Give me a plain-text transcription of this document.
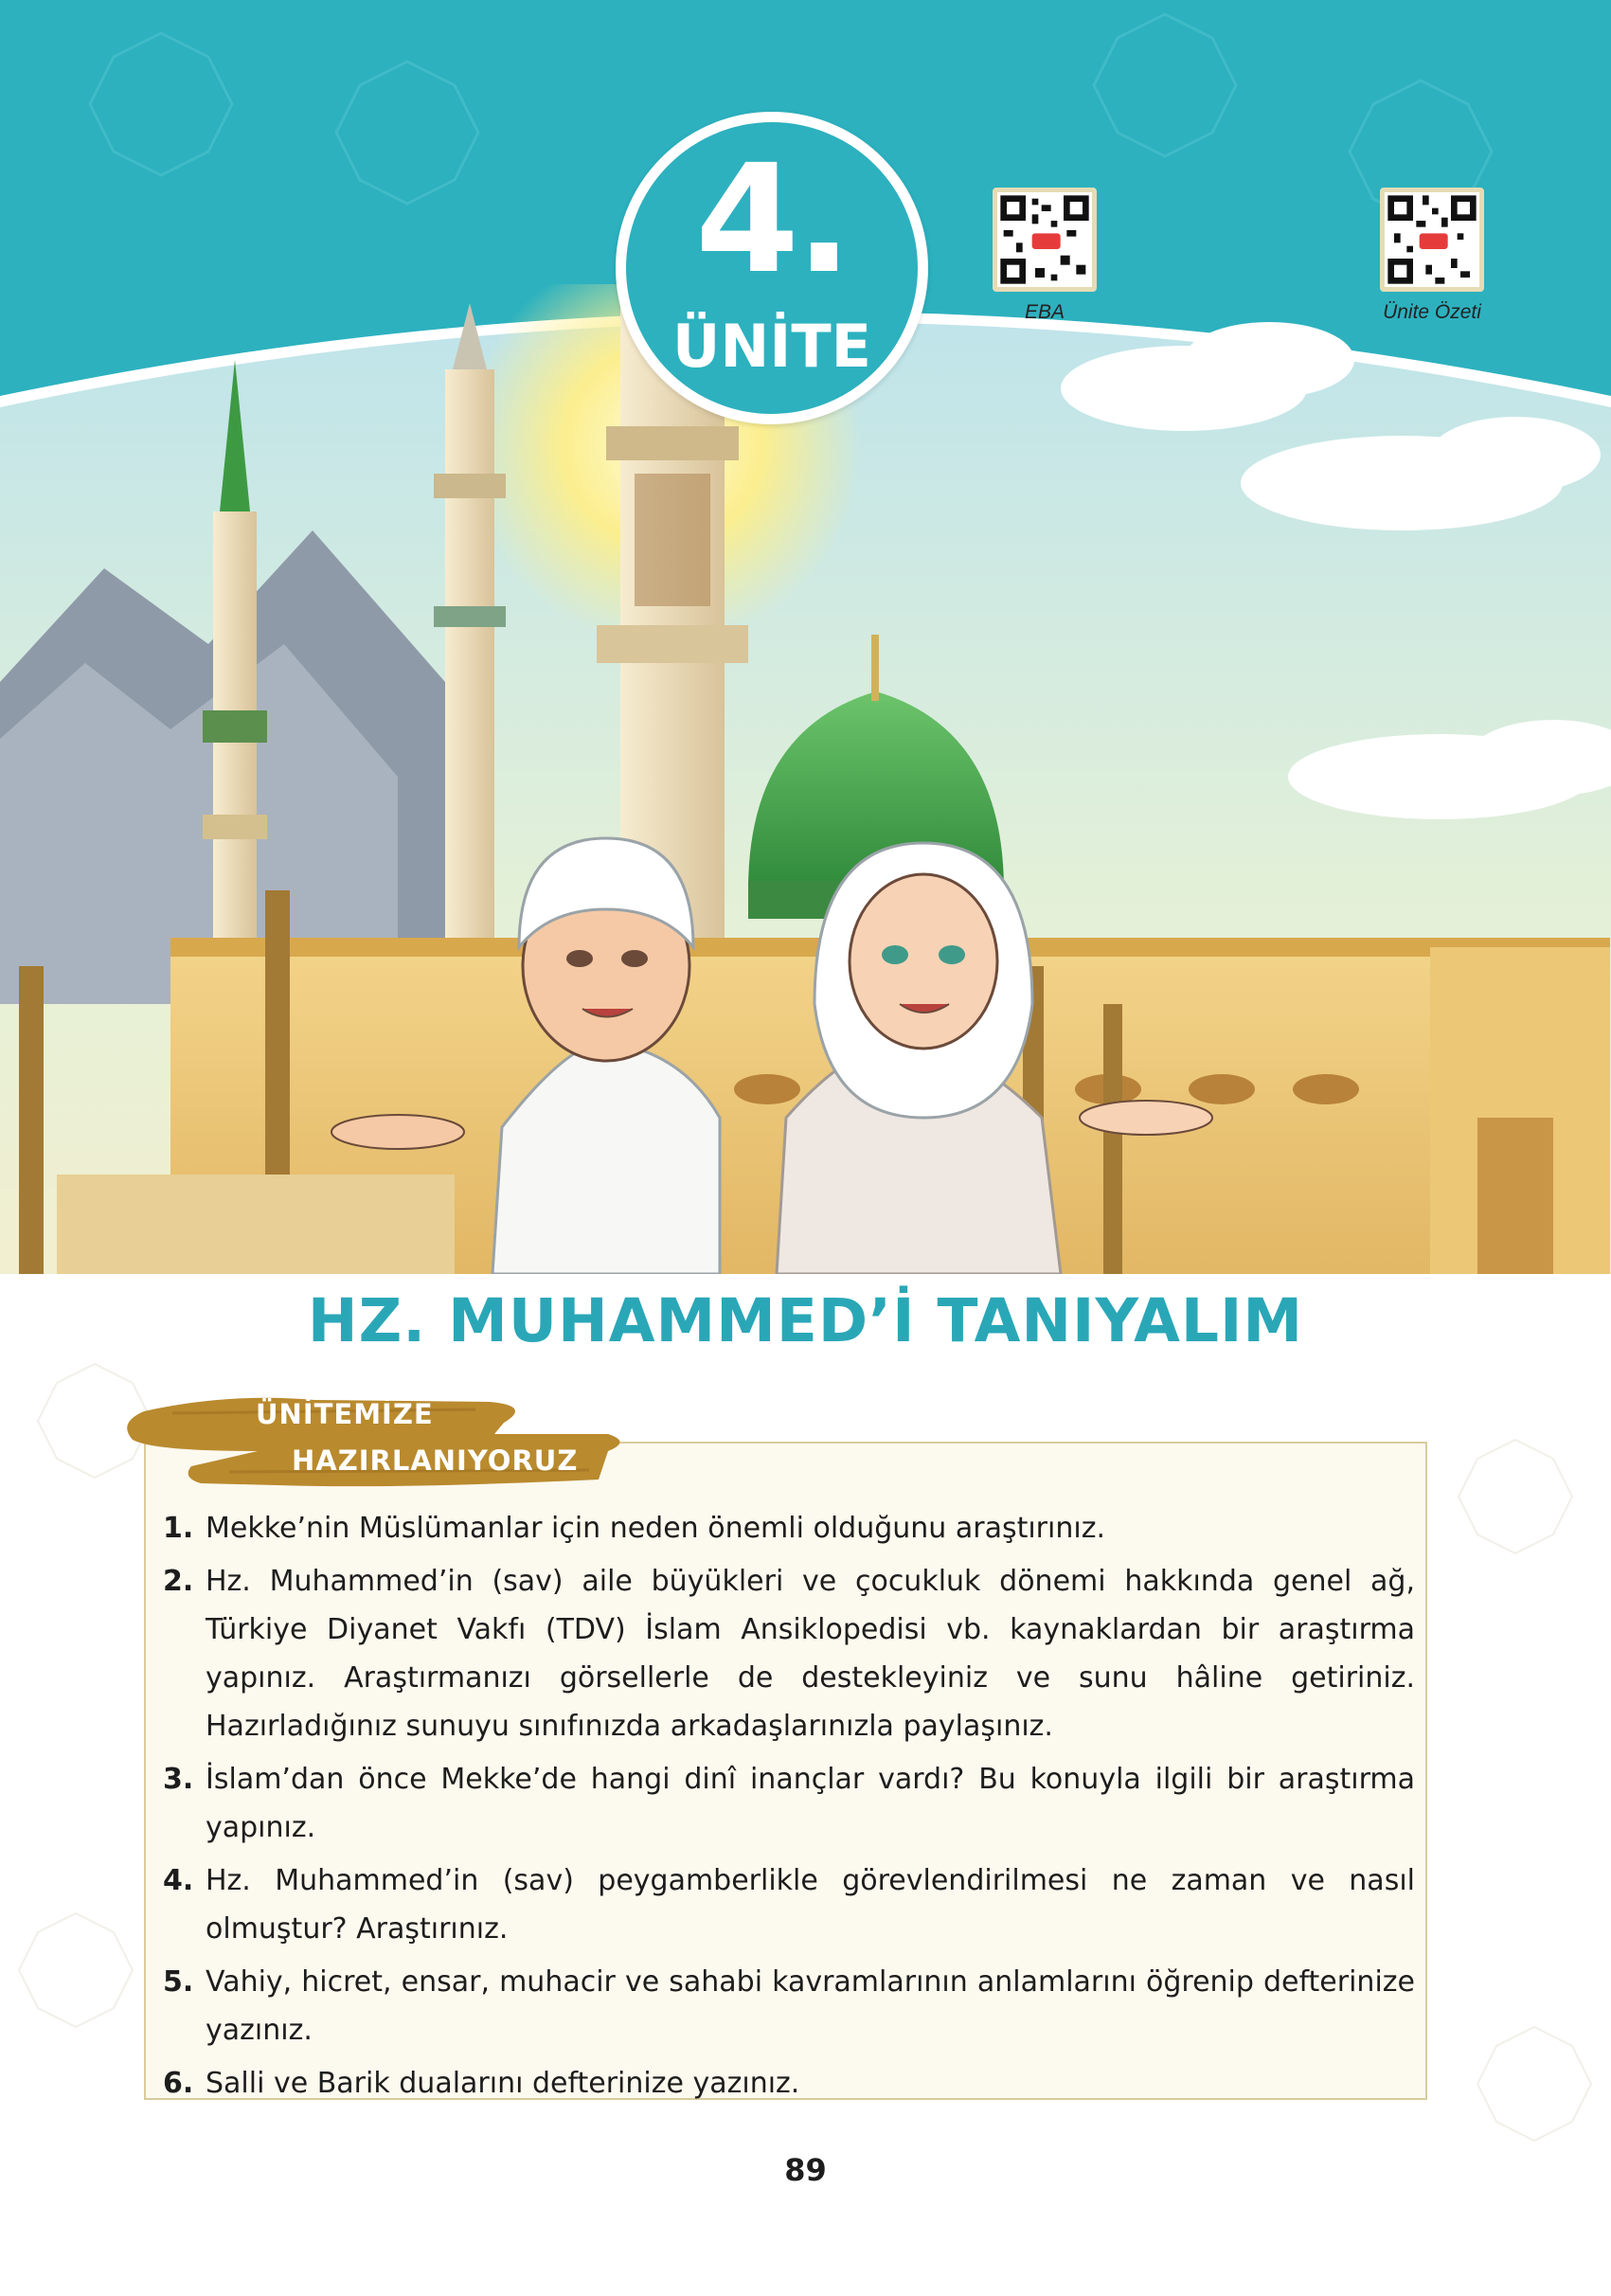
4.
ÜNİTE	EBA	Ünite Özeti
HZ. MUHAMMED’İ TANIYALIM
ÜNİTEMİZE
HAZIRLANIYORUZ
1. Mekke’nin Müslümanlar için neden önemli olduğunu araştırınız.
2. Hz. Muhammed’in (sav) aile büyükleri ve çocukluk dönemi hakkında genel ağ, Türkiye Diyanet Vakfı (TDV) İslam Ansiklopedisi vb. kaynaklardan bir araştırma yapınız. Araştırmanızı görsellerle de destekleyiniz ve sunu hâline getiriniz. Hazırladığınız sunuyu sınıfınızda arkadaşlarınızla paylaşınız.
3. İslam’dan önce Mekke’de hangi dinî inançlar vardı? Bu konuyla ilgili bir araştırma yapınız.
4. Hz. Muhammed’in (sav) peygamberlikle görevlendirilmesi ne zaman ve nasıl olmuştur? Araştırınız.
5. Vahiy, hicret, ensar, muhacir ve sahabi kavramlarının anlamlarını öğrenip defterinize yazınız.
6. Salli ve Barik dualarını defterinize yazınız.
89
